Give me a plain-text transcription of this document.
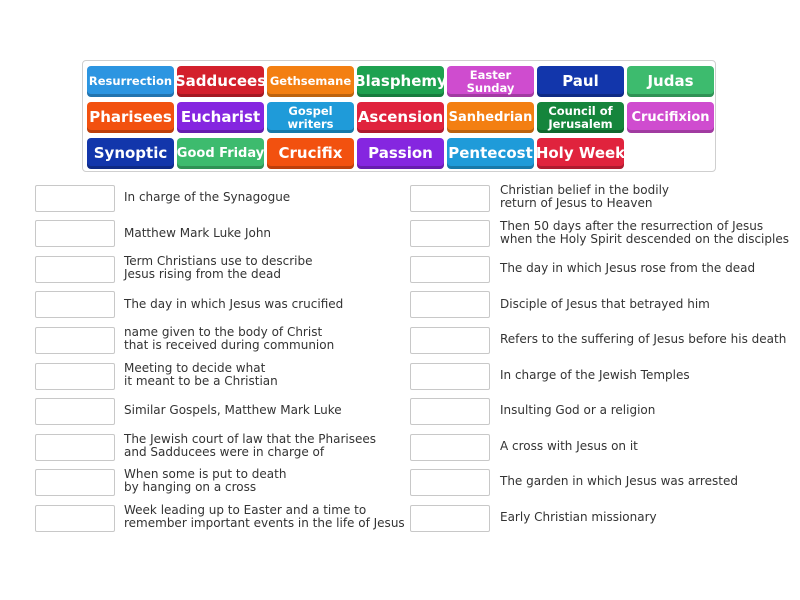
Resurrection Sadducees Gethsemane Blasphemy	Easter
Sunday	Paul	Judas
Pharisees Eucharist	Gospel
writers	Ascension Sanhedrian	Council of
Jerusalem	Crucifixion
Synoptic Good Friday Crucifix	Passion	Pentecost Holy Week
In charge of the Synagogue
Matthew Mark Luke John
Term Christians use to describe
Jesus rising from the dead
The day in which Jesus was crucified
name given to the body of Christ
that is received during communion
Meeting to decide what
it meant to be a Christian
Similar Gospels, Matthew Mark Luke
The Jewish court of law that the Pharisees
and Sadducees were in charge of
When some is put to death
by hanging on a cross
Week leading up to Easter and a time to
remember important events in the life of Jesus
Christian belief in the bodily
return of Jesus to Heaven
Then 50 days after the resurrection of Jesus
when the Holy Spirit descended on the disciples
The day in which Jesus rose from the dead
Disciple of Jesus that betrayed him
Refers to the suffering of Jesus before his death
In charge of the Jewish Temples
Insulting God or a religion
A cross with Jesus on it
The garden in which Jesus was arrested
Early Christian missionary
